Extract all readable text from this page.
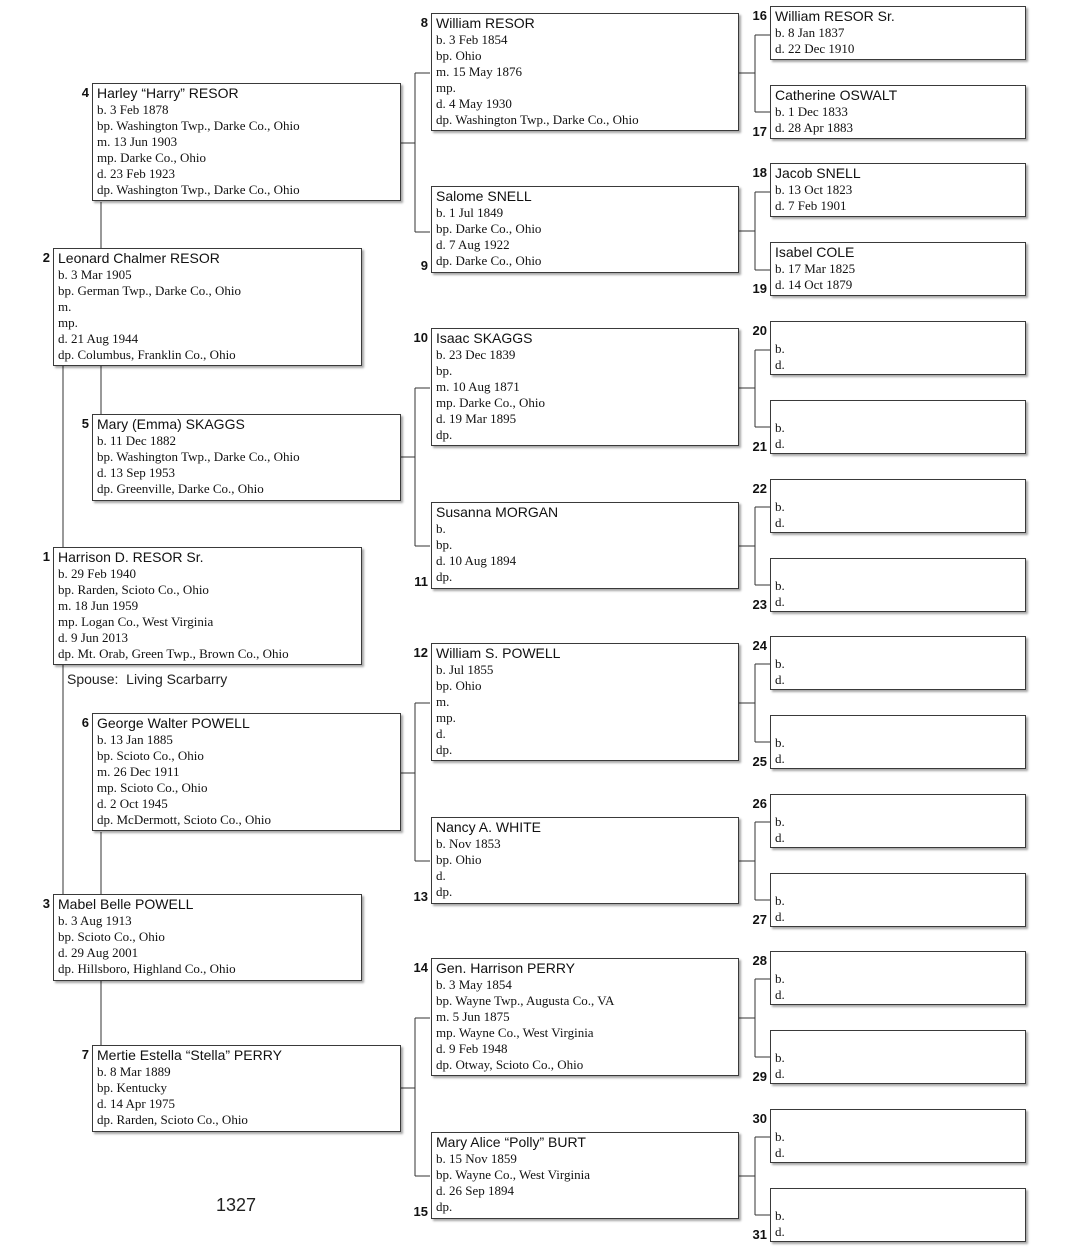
Harrison D. RESOR Sr.
b. 29 Feb 1940
bp. Rarden, Scioto Co., Ohio
m. 18 Jun 1959
mp. Logan Co., West Virginia
d. 9 Jun 2013
dp. Mt. Orab, Green Twp., Brown Co., Ohio
1
Leonard Chalmer RESOR
b. 3 Mar 1905
bp. German Twp., Darke Co., Ohio
m.
mp.
d. 21 Aug 1944
dp. Columbus, Franklin Co., Ohio
2
Mabel Belle POWELL
b. 3 Aug 1913
bp. Scioto Co., Ohio
d. 29 Aug 2001
dp. Hillsboro, Highland Co., Ohio
3
Harley “Harry” RESOR
b. 3 Feb 1878
bp. Washington Twp., Darke Co., Ohio
m. 13 Jun 1903
mp. Darke Co., Ohio
d. 23 Feb 1923
dp. Washington Twp., Darke Co., Ohio
4
Mary (Emma) SKAGGS
b. 11 Dec 1882
bp. Washington Twp., Darke Co., Ohio
d. 13 Sep 1953
dp. Greenville, Darke Co., Ohio
5
George Walter POWELL
b. 13 Jan 1885
bp. Scioto Co., Ohio
m. 26 Dec 1911
mp. Scioto Co., Ohio
d. 2 Oct 1945
dp. McDermott, Scioto Co., Ohio
6
Mertie Estella “Stella” PERRY
b. 8 Mar 1889
bp. Kentucky
d. 14 Apr 1975
dp. Rarden, Scioto Co., Ohio
7
William RESOR
b. 3 Feb 1854
bp. Ohio
m. 15 May 1876
mp.
d. 4 May 1930
dp. Washington Twp., Darke Co., Ohio
8
Salome SNELL
b. 1 Jul 1849
bp. Darke Co., Ohio
d. 7 Aug 1922
dp. Darke Co., Ohio
9
Isaac SKAGGS
b. 23 Dec 1839
bp.
m. 10 Aug 1871
mp. Darke Co., Ohio
d. 19 Mar 1895
dp.
10
Susanna MORGAN
b.
bp.
d. 10 Aug 1894
dp.
11
William S. POWELL
b. Jul 1855
bp. Ohio
m.
mp.
d.
dp.
12
Nancy A. WHITE
b. Nov 1853
bp. Ohio
d.
dp.
13
Gen. Harrison PERRY
b. 3 May 1854
bp. Wayne Twp., Augusta Co., VA
m. 5 Jun 1875
mp. Wayne Co., West Virginia
d. 9 Feb 1948
dp. Otway, Scioto Co., Ohio
14
Mary Alice “Polly” BURT
b. 15 Nov 1859
bp. Wayne Co., West Virginia
d. 26 Sep 1894
dp.
15
William RESOR Sr.
b. 8 Jan 1837
d. 22 Dec 1910
16
Catherine OSWALT
b. 1 Dec 1833
d. 28 Apr 1883
17
Jacob SNELL
b. 13 Oct 1823
d. 7 Feb 1901
18
Isabel COLE
b. 17 Mar 1825
d. 14 Oct 1879
19
b.
d.
20
b.
d.
21
b.
d.
22
b.
d.
23
b.
d.
24
b.
d.
25
b.
d.
26
b.
d.
27
b.
d.
28
b.
d.
29
b.
d.
30
b.
d.
31
Spouse: Living Scarbarry
1327
